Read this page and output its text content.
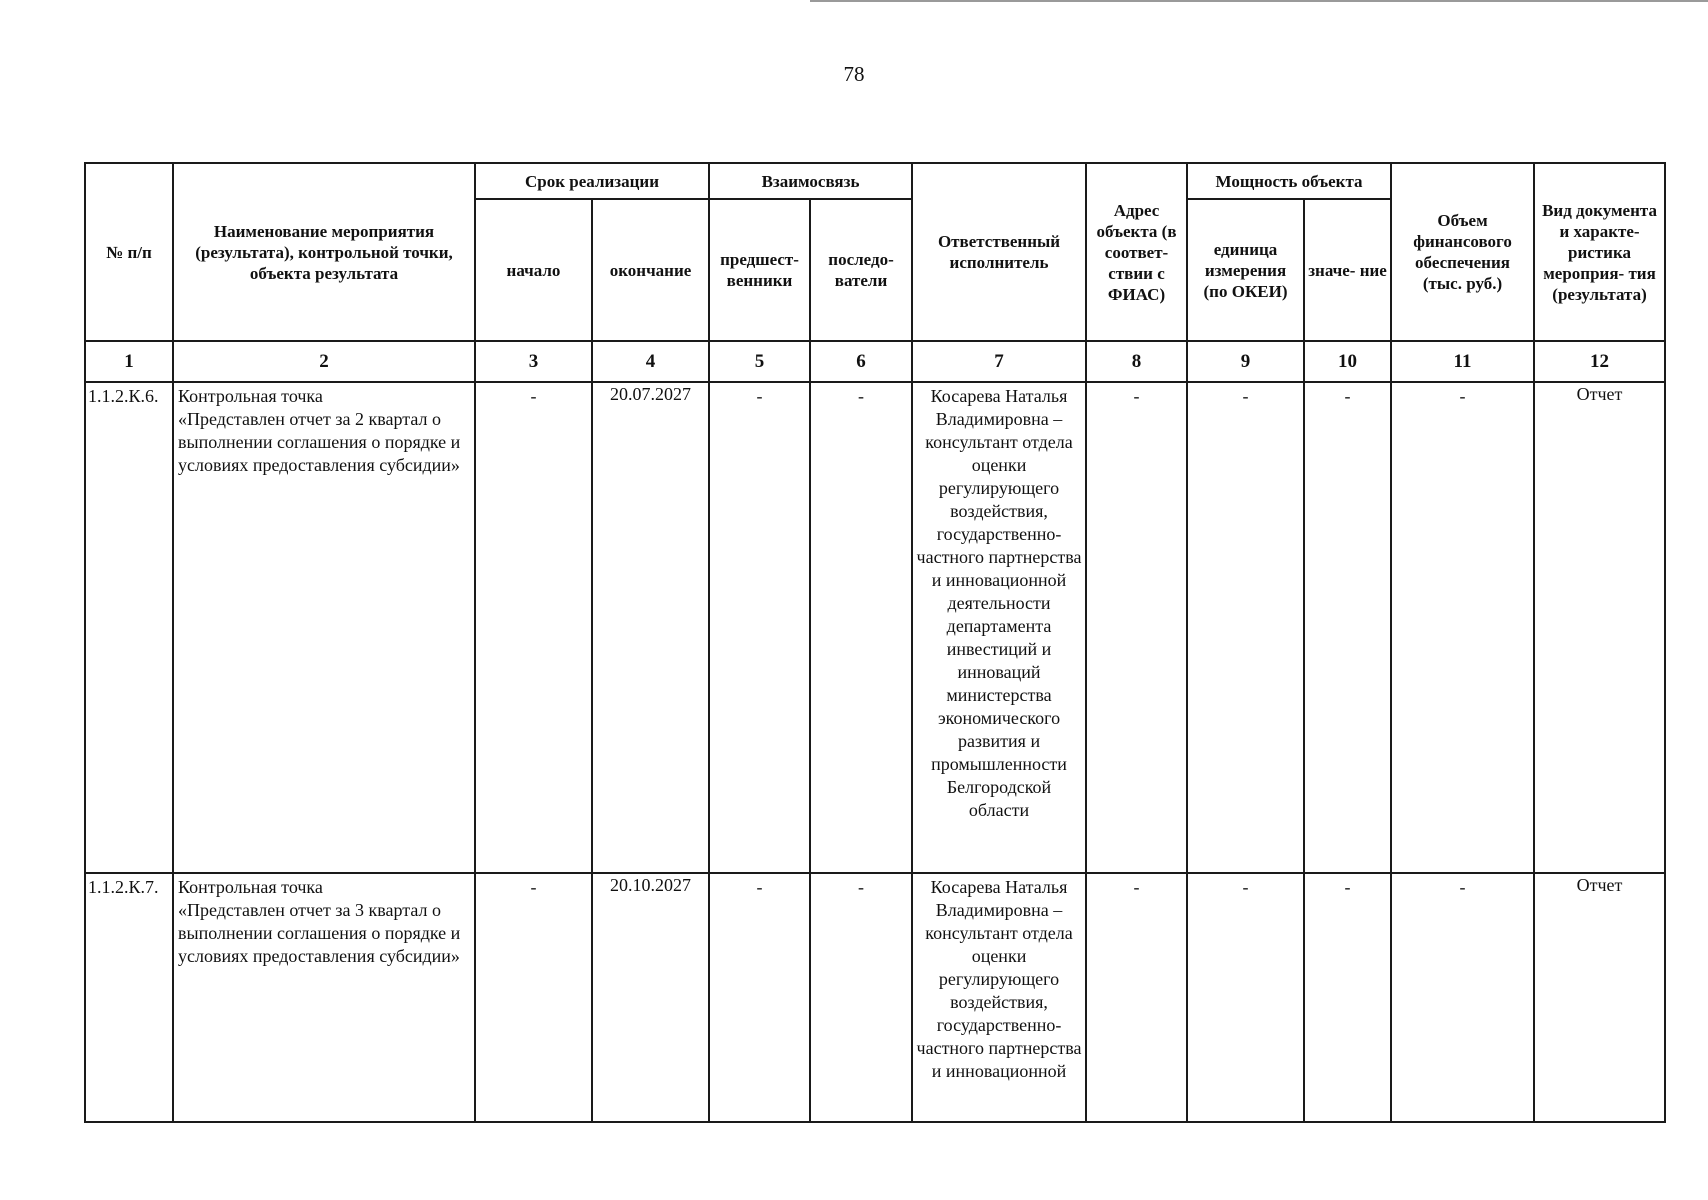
78
№ п/п	Наименование мероприятия (результата), контрольной точки, объекта результата	Срок реализации		Взаимосвязь		Ответственный исполнитель	Адрес объекта (в соответ- ствии с ФИАС)	Мощность объекта		Объем финансового обеспечения (тыс. руб.)	Вид документа и характе- ристика мероприя- тия (результата)
		начало	окончание	предшест- венники	последо- ватели			единица измерения (по ОКЕИ)	значе- ние		
1	2	3	4	5	6	7	8	9	10	11	12
1.1.2.К.6.	Контрольная точка
«Представлен отчет за 2 квартал о выполнении соглашения о порядке и условиях предоставления субсидии»	-	20.07.2027	-	-	Косарева Наталья Владимировна – консультант отдела оценки регулирующего воздействия, государственно-частного партнерства и инновационной деятельности департамента инвестиций и инноваций министерства экономического развития и промышленности Белгородской области	-	-	-	-	Отчет
1.1.2.К.7.	Контрольная точка
«Представлен отчет за 3 квартал о выполнении соглашения о порядке и условиях предоставления субсидии»	-	20.10.2027	-	-	Косарева Наталья Владимировна – консультант отдела оценки регулирующего воздействия, государственно-частного партнерства и инновационной	-	-	-	-	Отчет
